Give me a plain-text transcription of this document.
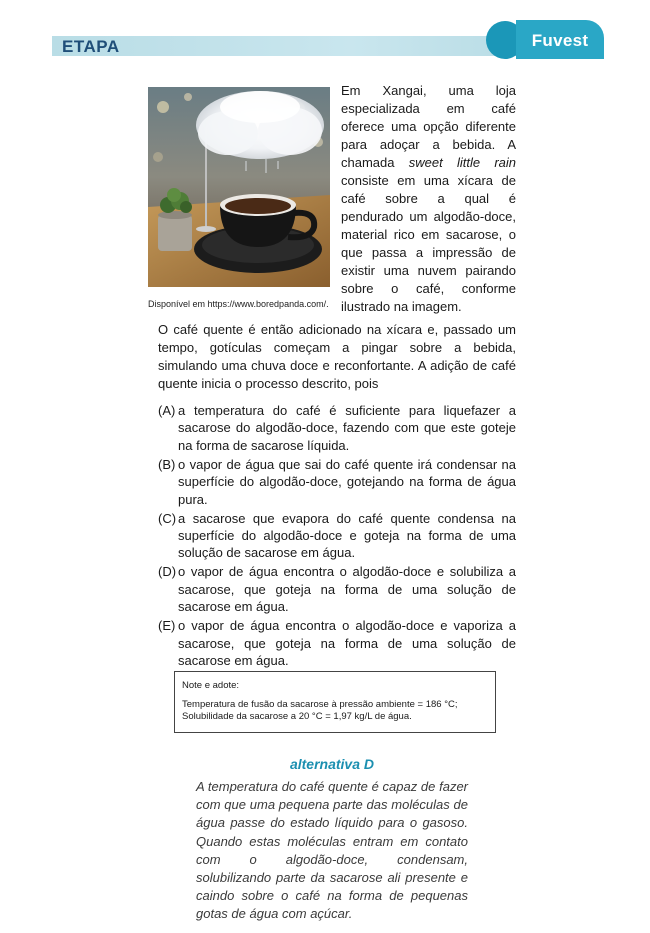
ETAPA	Fuvest
Disponível em https://www.boredpanda.com/.

Em Xangai, uma loja especializada em café oferece uma opção diferente para adoçar a bebida. A chamada sweet little rain consiste em uma xícara de café sobre a qual é pendurado um algodão-doce, material rico em sacarose, o que passa a impressão de existir uma nuvem pairando sobre o café, conforme ilustrado na imagem.

O café quente é então adicionado na xícara e, passado um tempo, gotículas começam a pingar sobre a bebida, simulando uma chuva doce e reconfortante. A adição de café quente inicia o processo descrito, pois

(A) a temperatura do café é suficiente para liquefazer a sacarose do algodão-doce, fazendo com que este goteje na forma de sacarose líquida.
(B) o vapor de água que sai do café quente irá condensar na superfície do algodão-doce, gotejando na forma de água pura.
(C) a sacarose que evapora do café quente condensa na superfície do algodão-doce e goteja na forma de uma solução de sacarose em água.
(D) o vapor de água encontra o algodão-doce e solubiliza a sacarose, que goteja na forma de uma solução de sacarose em água.
(E) o vapor de água encontra o algodão-doce e vaporiza a sacarose, que goteja na forma de uma solução de sacarose em água.
Note e adote:
Temperatura de fusão da sacarose à pressão ambiente = 186 °C;
Solubilidade da sacarose a 20 °C = 1,97 kg/L de água.
alternativa D

A temperatura do café quente é capaz de fazer com que uma pequena parte das moléculas de água passe do estado líquido para o gasoso. Quando estas moléculas entram em contato com o algodão-doce, condensam, solubilizando parte da sacarose ali presente e caindo sobre o café na forma de pequenas gotas de água com açúcar.
